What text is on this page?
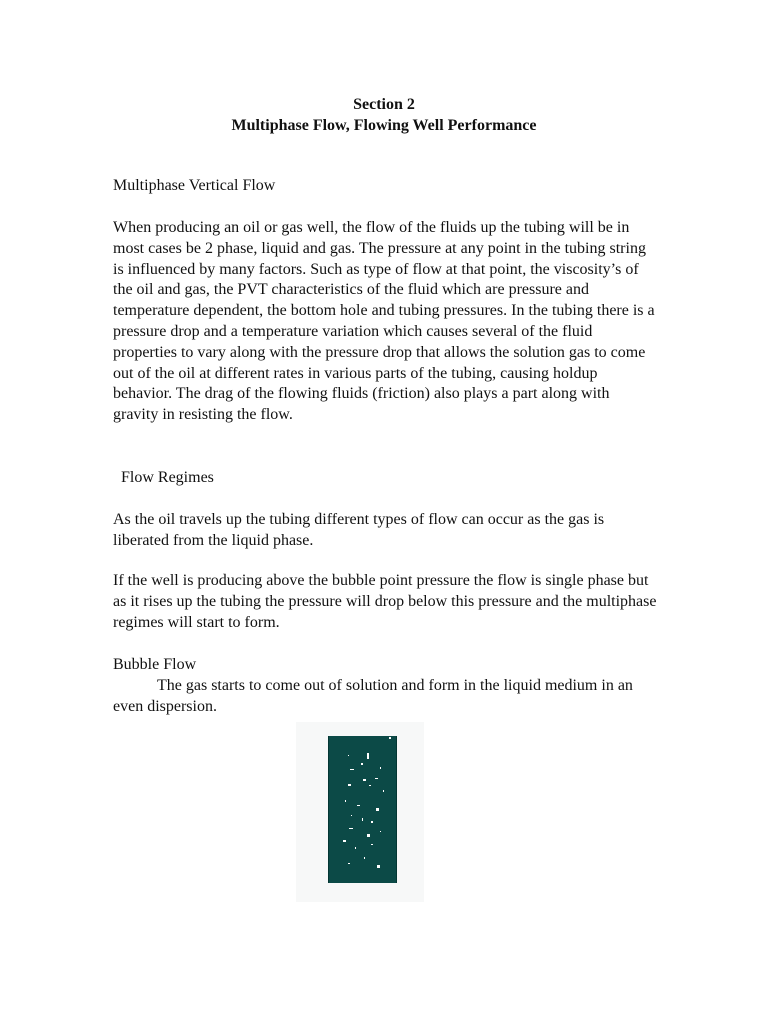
Section 2
Multiphase Flow, Flowing Well Performance

Multiphase Vertical Flow

When producing an oil or gas well, the flow of the fluids up the tubing will be in most cases be 2 phase, liquid and gas. The pressure at any point in the tubing string is influenced by many factors. Such as type of flow at that point, the viscosity’s of the oil and gas, the PVT characteristics of the fluid which are pressure and temperature dependent, the bottom hole and tubing pressures. In the tubing there is a pressure drop and a temperature variation which causes several of the fluid properties to vary along with the pressure drop that allows the solution gas to come out of the oil at different rates in various parts of the tubing, causing holdup behavior. The drag of the flowing fluids (friction) also plays a part along with gravity in resisting the flow.

Flow Regimes

As the oil travels up the tubing different types of flow can occur as the gas is liberated from the liquid phase.

If the well is producing above the bubble point pressure the flow is single phase but as it rises up the tubing the pressure will drop below this pressure and the multiphase regimes will start to form.

Bubble Flow

The gas starts to come out of solution and form in the liquid medium in an even dispersion.
